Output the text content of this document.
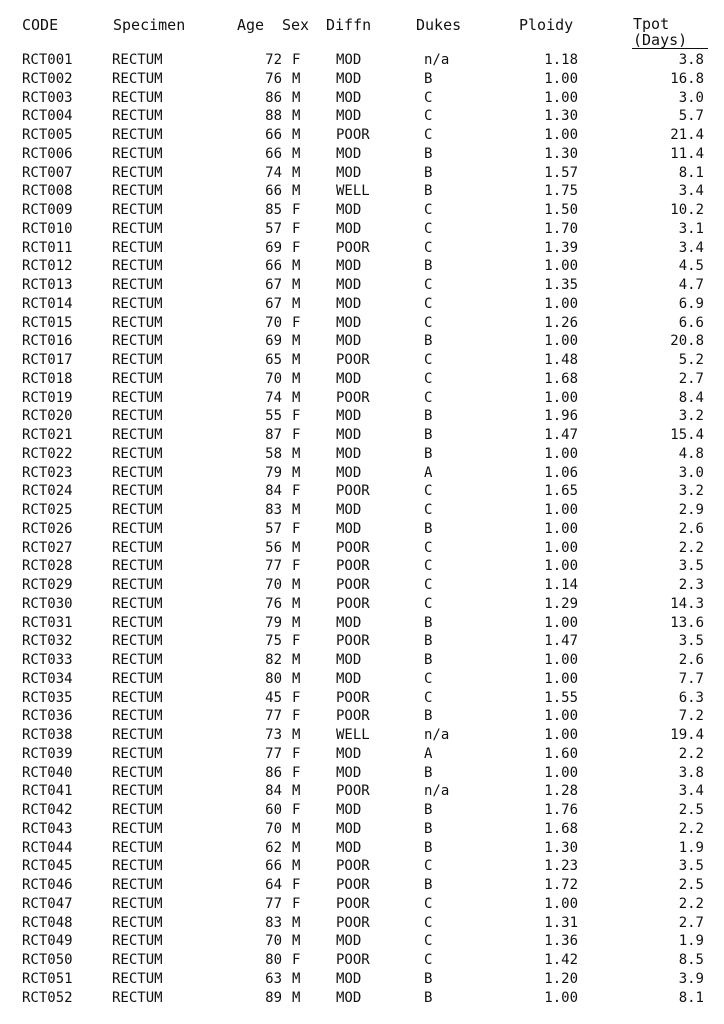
CODE	Specimen	Age Sex Diffn	Dukes	Ploidy	Tpot
(Days)
RCT001	RECTUM	72 F	MOD	n/a	1.18	3.8
RCT002	RECTUM	76 M	MOD	B	1.00	16.8
RCT003	RECTUM	86 M	MOD	C	1.00	3.0
RCT004	RECTUM	88 M	MOD	C	1.30	5.7
RCT005	RECTUM	66 M	POOR	C	1.00	21.4
RCT006	RECTUM	66 M	MOD	B	1.30	11.4
RCT007	RECTUM	74 M	MOD	B	1.57	8.1
RCT008	RECTUM	66 M	WELL	B	1.75	3.4
RCT009	RECTUM	85 F	MOD	C	1.50	10.2
RCT010	RECTUM	57 F	MOD	C	1.70	3.1
RCT011	RECTUM	69 F	POOR	C	1.39	3.4
RCT012	RECTUM	66 M	MOD	B	1.00	4.5
RCT013	RECTUM	67 M	MOD	C	1.35	4.7
RCT014	RECTUM	67 M	MOD	C	1.00	6.9
RCT015	RECTUM	70 F	MOD	C	1.26	6.6
RCT016	RECTUM	69 M	MOD	B	1.00	20.8
RCT017	RECTUM	65 M	POOR	C	1.48	5.2
RCT018	RECTUM	70 M	MOD	C	1.68	2.7
RCT019	RECTUM	74 M	POOR	C	1.00	8.4
RCT020	RECTUM	55 F	MOD	B	1.96	3.2
RCT021	RECTUM	87 F	MOD	B	1.47	15.4
RCT022	RECTUM	58 M	MOD	B	1.00	4.8
RCT023	RECTUM	79 M	MOD	A	1.06	3.0
RCT024	RECTUM	84 F	POOR	C	1.65	3.2
RCT025	RECTUM	83 M	MOD	C	1.00	2.9
RCT026	RECTUM	57 F	MOD	B	1.00	2.6
RCT027	RECTUM	56 M	POOR	C	1.00	2.2
RCT028	RECTUM	77 F	POOR	C	1.00	3.5
RCT029	RECTUM	70 M	POOR	C	1.14	2.3
RCT030	RECTUM	76 M	POOR	C	1.29	14.3
RCT031	RECTUM	79 M	MOD	B	1.00	13.6
RCT032	RECTUM	75 F	POOR	B	1.47	3.5
RCT033	RECTUM	82 M	MOD	B	1.00	2.6
RCT034	RECTUM	80 M	MOD	C	1.00	7.7
RCT035	RECTUM	45 F	POOR	C	1.55	6.3
RCT036	RECTUM	77 F	POOR	B	1.00	7.2
RCT038	RECTUM	73 M	WELL	n/a	1.00	19.4
RCT039	RECTUM	77 F	MOD	A	1.60	2.2
RCT040	RECTUM	86 F	MOD	B	1.00	3.8
RCT041	RECTUM	84 M	POOR	n/a	1.28	3.4
RCT042	RECTUM	60 F	MOD	B	1.76	2.5
RCT043	RECTUM	70 M	MOD	B	1.68	2.2
RCT044	RECTUM	62 M	MOD	B	1.30	1.9
RCT045	RECTUM	66 M	POOR	C	1.23	3.5
RCT046	RECTUM	64 F	POOR	B	1.72	2.5
RCT047	RECTUM	77 F	POOR	C	1.00	2.2
RCT048	RECTUM	83 M	POOR	C	1.31	2.7
RCT049	RECTUM	70 M	MOD	C	1.36	1.9
RCT050	RECTUM	80 F	POOR	C	1.42	8.5
RCT051	RECTUM	63 M	MOD	B	1.20	3.9
RCT052	RECTUM	89 M	MOD	B	1.00	8.1
